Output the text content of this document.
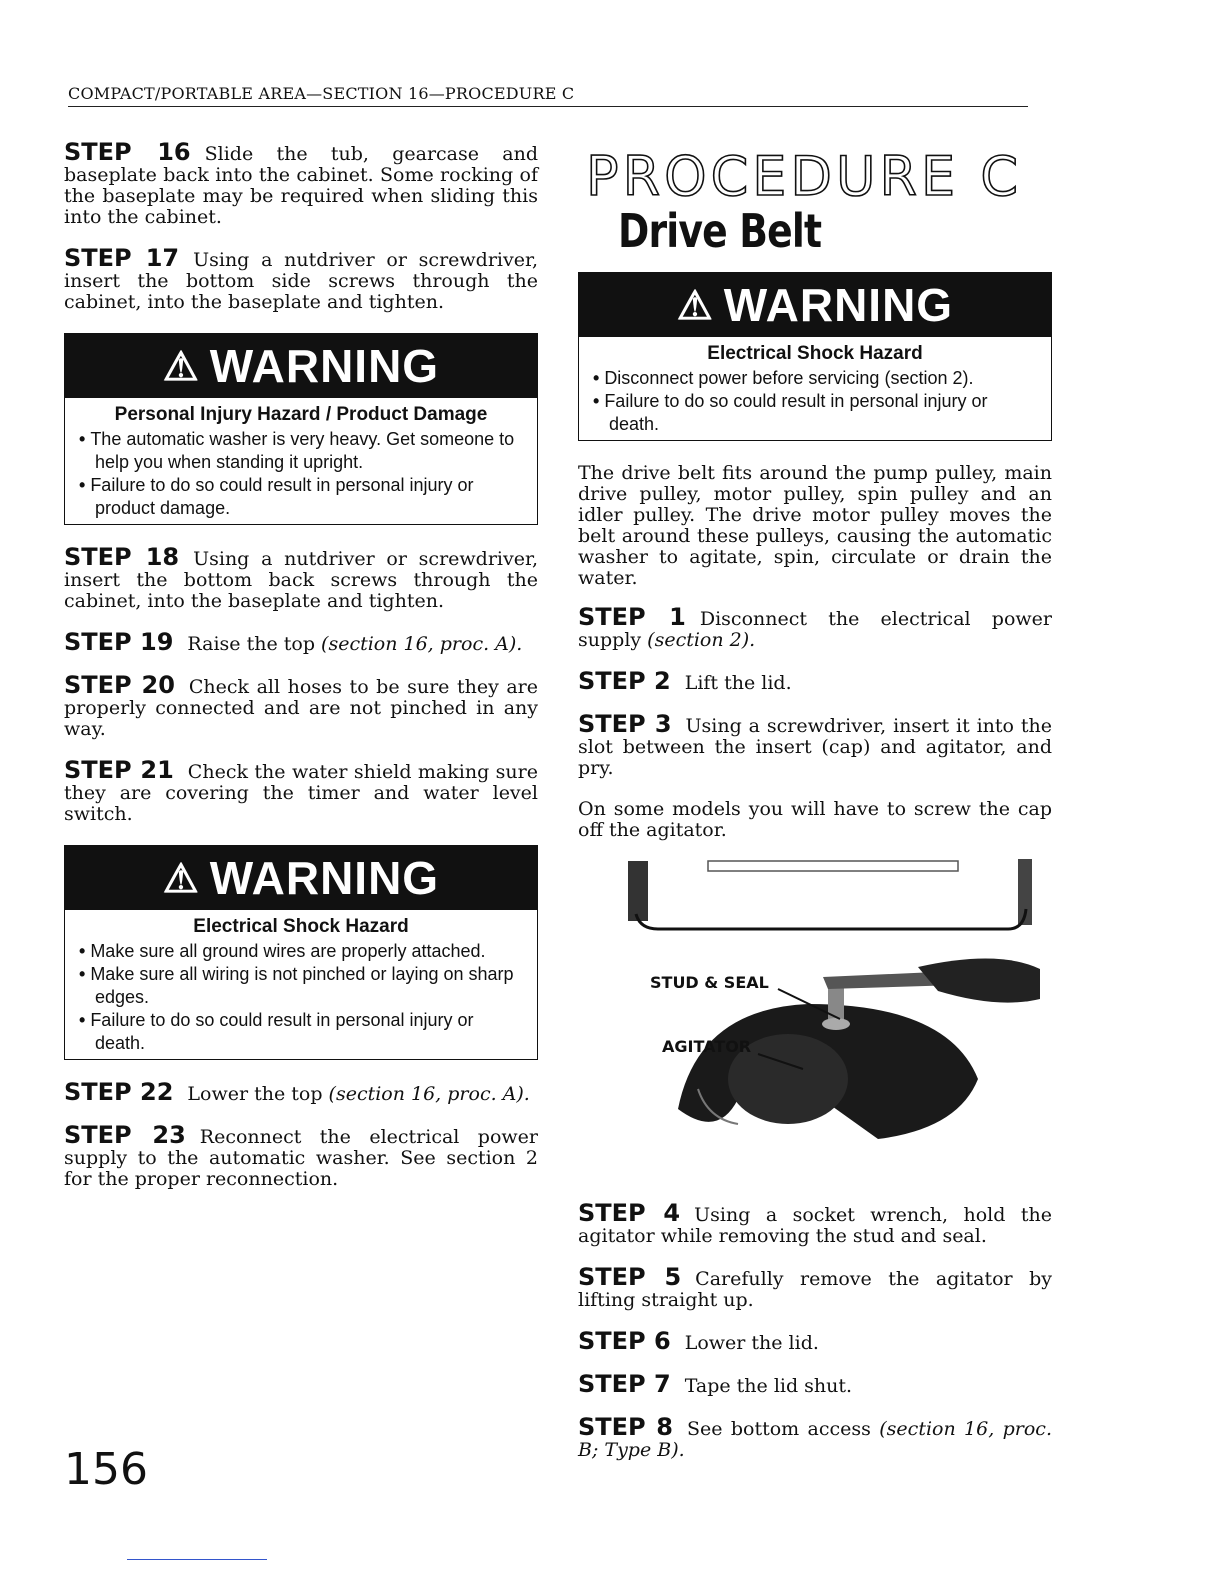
COMPACT/PORTABLE AREA—SECTION 16—PROCEDURE C

STEP 16 Slide the tub, gearcase and baseplate back into the cabinet. Some rocking of the baseplate may be required when sliding this into the cabinet.

STEP 17 Using a nutdriver or screwdriver, insert the bottom side screws through the cabinet, into the baseplate and tighten.

⚠ WARNING
Personal Injury Hazard / Product Damage
• The automatic washer is very heavy. Get someone to help you when standing it upright.
• Failure to do so could result in personal injury or product damage.

STEP 18 Using a nutdriver or screwdriver, insert the bottom back screws through the cabinet, into the baseplate and tighten.

STEP 19 Raise the top (section 16, proc. A).

STEP 20 Check all hoses to be sure they are properly connected and are not pinched in any way.

STEP 21 Check the water shield making sure they are covering the timer and water level switch.

⚠ WARNING
Electrical Shock Hazard
• Make sure all ground wires are properly attached.
• Make sure all wiring is not pinched or laying on sharp edges.
• Failure to do so could result in personal injury or death.

STEP 22 Lower the top (section 16, proc. A).

STEP 23 Reconnect the electrical power supply to the automatic washer. See section 2 for the proper reconnection.

PROCEDURE C
Drive Belt
⚠ WARNING
Electrical Shock Hazard
• Disconnect power before servicing (section 2).
• Failure to do so could result in personal injury or death.

The drive belt fits around the pump pulley, main drive pulley, motor pulley, spin pulley and an idler pulley. The drive motor pulley moves the belt around these pulleys, causing the automatic washer to agitate, spin, circulate or drain the water.

STEP 1 Disconnect the electrical power supply (section 2).

STEP 2 Lift the lid.

STEP 3 Using a screwdriver, insert it into the slot between the insert (cap) and agitator, and pry.

On some models you will have to screw the cap off the agitator.

STUD & SEAL
AGITATOR

STEP 4 Using a socket wrench, hold the agitator while removing the stud and seal.

STEP 5 Carefully remove the agitator by lifting straight up.

STEP 6 Lower the lid.

STEP 7 Tape the lid shut.

STEP 8 See bottom access (section 16, proc. B; Type B).

156
